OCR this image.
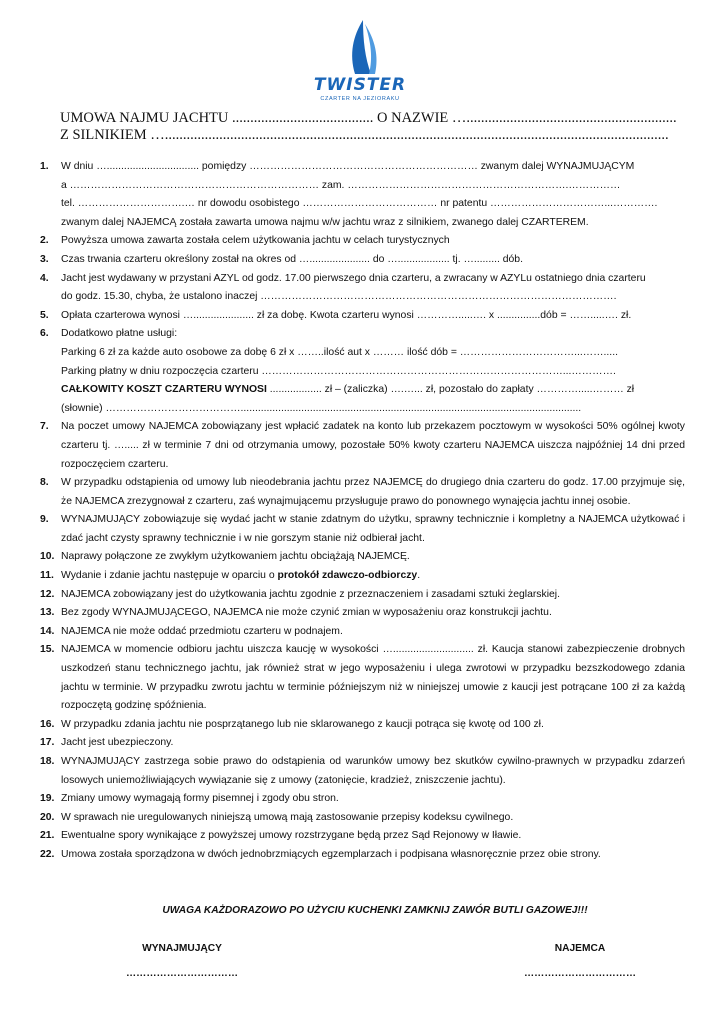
TWISTER
CZARTER NA JEZIORAKU
UMOWA NAJMU JACHTU ....................................... O NAZWIE …..........................................................
Z SILNIKIEM …...........................................................................................................................................
1. W dniu …................................ pomiędzy ………………………………………………………… zwanym dalej WYNAJMUJĄCYM
a ……………………………………………………………… zam. ……………………………………………………….……………
tel. ………………………….… nr dowodu osobistego ………………………………… nr patentu ……………………………...………….
zwanym dalej NAJEMCĄ została zawarta umowa najmu w/w jachtu wraz z silnikiem, zwanego dalej CZARTEREM.
2. Powyższa umowa zawarta została celem użytkowania jachtu w celach turystycznych
3. Czas trwania czarteru określony został na okres od …..................... do ….................. tj. …......... dób.
4. Jacht jest wydawany w przystani AZYL od godz. 17.00 pierwszego dnia czarteru, a zwracany w AZYLu ostatniego dnia czarteru
do godz. 15.30, chyba, że ustalono inaczej ………………………………………………………………………………………….
5. Opłata czarterowa wynosi …..................... zł za dobę. Kwota czarteru wynosi ………….....…. x ...............dób = …….....…. zł.
6. Dodatkowo płatne usługi:
Parking 6 zł za każde auto osobowe za dobę 6 zł x ……..ilość aut x ……… ilość dób = ……………………………...…….....
Parking płatny w dniu rozpoczęcia czarteru ……………………………………………………………………………...………….
CAŁKOWITY KOSZT CZARTERU WYNOSI .................. zł – (zaliczka) ….…... zł, pozostało do zapłaty ………….....……… zł
(słownie) …………………………………......................................................................................................................
7. Na poczet umowy NAJEMCA zobowiązany jest wpłacić zadatek na konto lub przekazem pocztowym w wysokości 50% ogólnej kwoty czarteru tj. …..... zł w terminie 7 dni od otrzymania umowy, pozostałe 50% kwoty czarteru NAJEMCA uiszcza najpóźniej 14 dni przed rozpoczęciem czarteru.
8. W przypadku odstąpienia od umowy lub nieodebrania jachtu przez NAJEMCĘ do drugiego dnia czarteru do godz. 17.00 przyjmuje się, że NAJEMCA zrezygnował z czarteru, zaś wynajmującemu przysługuje prawo do ponownego wynajęcia jachtu innej osobie.
9. WYNAJMUJĄCY zobowiązuje się wydać jacht w stanie zdatnym do użytku, sprawny technicznie i kompletny a NAJEMCA użytkować i zdać jacht czysty sprawny technicznie i w nie gorszym stanie niż odbierał jacht.
10. Naprawy połączone ze zwykłym użytkowaniem jachtu obciążają NAJEMCĘ.
11. Wydanie i zdanie jachtu następuje w oparciu o protokół zdawczo-odbiorczy.
12. NAJEMCA zobowiązany jest do użytkowania jachtu zgodnie z przeznaczeniem i zasadami sztuki żeglarskiej.
13. Bez zgody WYNAJMUJĄCEGO, NAJEMCA nie może czynić zmian w wyposażeniu oraz konstrukcji jachtu.
14. NAJEMCA nie może oddać przedmiotu czarteru w podnajem.
15. NAJEMCA w momencie odbioru jachtu uiszcza kaucję w wysokości …............................ zł. Kaucja stanowi zabezpieczenie drobnych uszkodzeń stanu technicznego jachtu, jak również strat w jego wyposażeniu i ulega zwrotowi w przypadku bezszkodowego zdania jachtu w terminie. W przypadku zwrotu jachtu w terminie późniejszym niż w niniejszej umowie z kaucji jest potrącane 100 zł za każdą rozpoczętą godzinę spóźnienia.
16. W przypadku zdania jachtu nie posprzątanego lub nie sklarowanego z kaucji potrąca się kwotę od 100 zł.
17. Jacht jest ubezpieczony.
18. WYNAJMUJĄCY zastrzega sobie prawo do odstąpienia od warunków umowy bez skutków cywilno-prawnych w przypadku zdarzeń losowych uniemożliwiających wywiązanie się z umowy (zatonięcie, kradzież, zniszczenie jachtu).
19. Zmiany umowy wymagają formy pisemnej i zgody obu stron.
20. W sprawach nie uregulowanych niniejszą umową mają zastosowanie przepisy kodeksu cywilnego.
21. Ewentualne spory wynikające z powyższej umowy rozstrzygane będą przez Sąd Rejonowy w Iławie.
22. Umowa została sporządzona w dwóch jednobrzmiących egzemplarzach i podpisana własnoręcznie przez obie strony.
UWAGA KAŻDORAZOWO PO UŻYCIU KUCHENKI ZAMKNIJ ZAWÓR BUTLI GAZOWEJ!!!
WYNAJMUJĄCY	NAJEMCA
……………………………	……………………………
